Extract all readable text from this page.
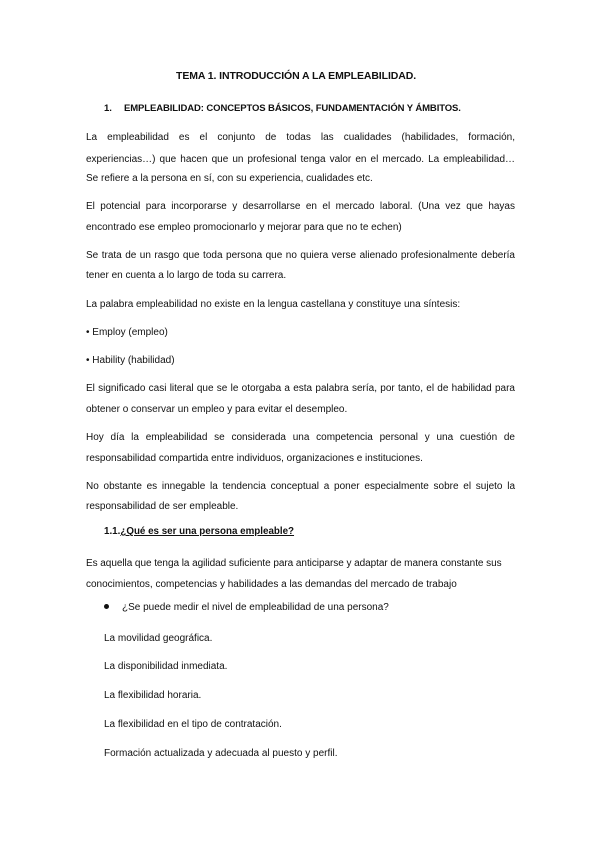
TEMA 1. INTRODUCCIÓN A LA EMPLEABILIDAD.
1. EMPLEABILIDAD: CONCEPTOS BÁSICOS, FUNDAMENTACIÓN Y ÁMBITOS.
La empleabilidad es el conjunto de todas las cualidades (habilidades, formación,
experiencias…) que hacen que un profesional tenga valor en el mercado. La empleabilidad…
Se refiere a la persona en sí, con su experiencia, cualidades etc.
El potencial para incorporarse y desarrollarse en el mercado laboral. (Una vez que hayas
encontrado ese empleo promocionarlo y mejorar para que no te echen)
Se trata de un rasgo que toda persona que no quiera verse alienado profesionalmente debería
tener en cuenta a lo largo de toda su carrera.
La palabra empleabilidad no existe en la lengua castellana y constituye una síntesis:
• Employ (empleo)
• Hability (habilidad)
El significado casi literal que se le otorgaba a esta palabra sería, por tanto, el de habilidad para
obtener o conservar un empleo y para evitar el desempleo.
Hoy día la empleabilidad se considerada una competencia personal y una cuestión de
responsabilidad compartida entre individuos, organizaciones e instituciones.
No obstante es innegable la tendencia conceptual a poner especialmente sobre el sujeto la
responsabilidad de ser empleable.
1.1.¿Qué es ser una persona empleable?
Es aquella que tenga la agilidad suficiente para anticiparse y adaptar de manera constante sus
conocimientos, competencias y habilidades a las demandas del mercado de trabajo
¿Se puede medir el nivel de empleabilidad de una persona?
La movilidad geográfica.
La disponibilidad inmediata.
La flexibilidad horaria.
La flexibilidad en el tipo de contratación.
Formación actualizada y adecuada al puesto y perfil.
